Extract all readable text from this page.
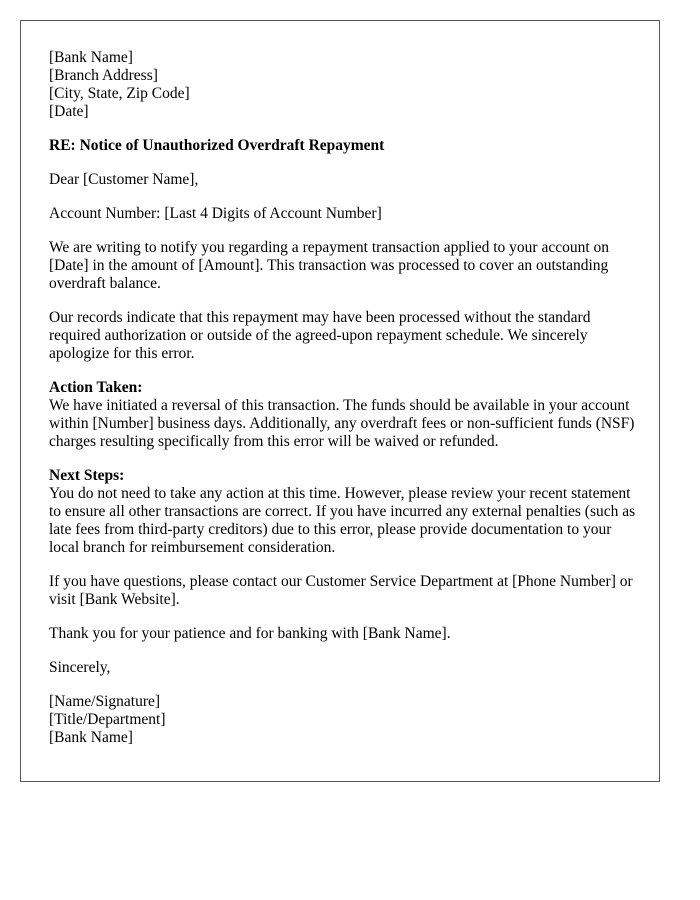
[Bank Name]
[Branch Address]
[City, State, Zip Code]
[Date]

RE: Notice of Unauthorized Overdraft Repayment

Dear [Customer Name],

Account Number: [Last 4 Digits of Account Number]

We are writing to notify you regarding a repayment transaction applied to your account on [Date] in the amount of [Amount]. This transaction was processed to cover an outstanding overdraft balance.

Our records indicate that this repayment may have been processed without the standard required authorization or outside of the agreed-upon repayment schedule. We sincerely apologize for this error.

Action Taken:
We have initiated a reversal of this transaction. The funds should be available in your account within [Number] business days. Additionally, any overdraft fees or non-sufficient funds (NSF) charges resulting specifically from this error will be waived or refunded.
Next Steps:
You do not need to take any action at this time. However, please review your recent statement to ensure all other transactions are correct. If you have incurred any external penalties (such as late fees from third-party creditors) due to this error, please provide documentation to your local branch for reimbursement consideration.

If you have questions, please contact our Customer Service Department at [Phone Number] or visit [Bank Website].

Thank you for your patience and for banking with [Bank Name].

Sincerely,

[Name/Signature]
[Title/Department]
[Bank Name]
